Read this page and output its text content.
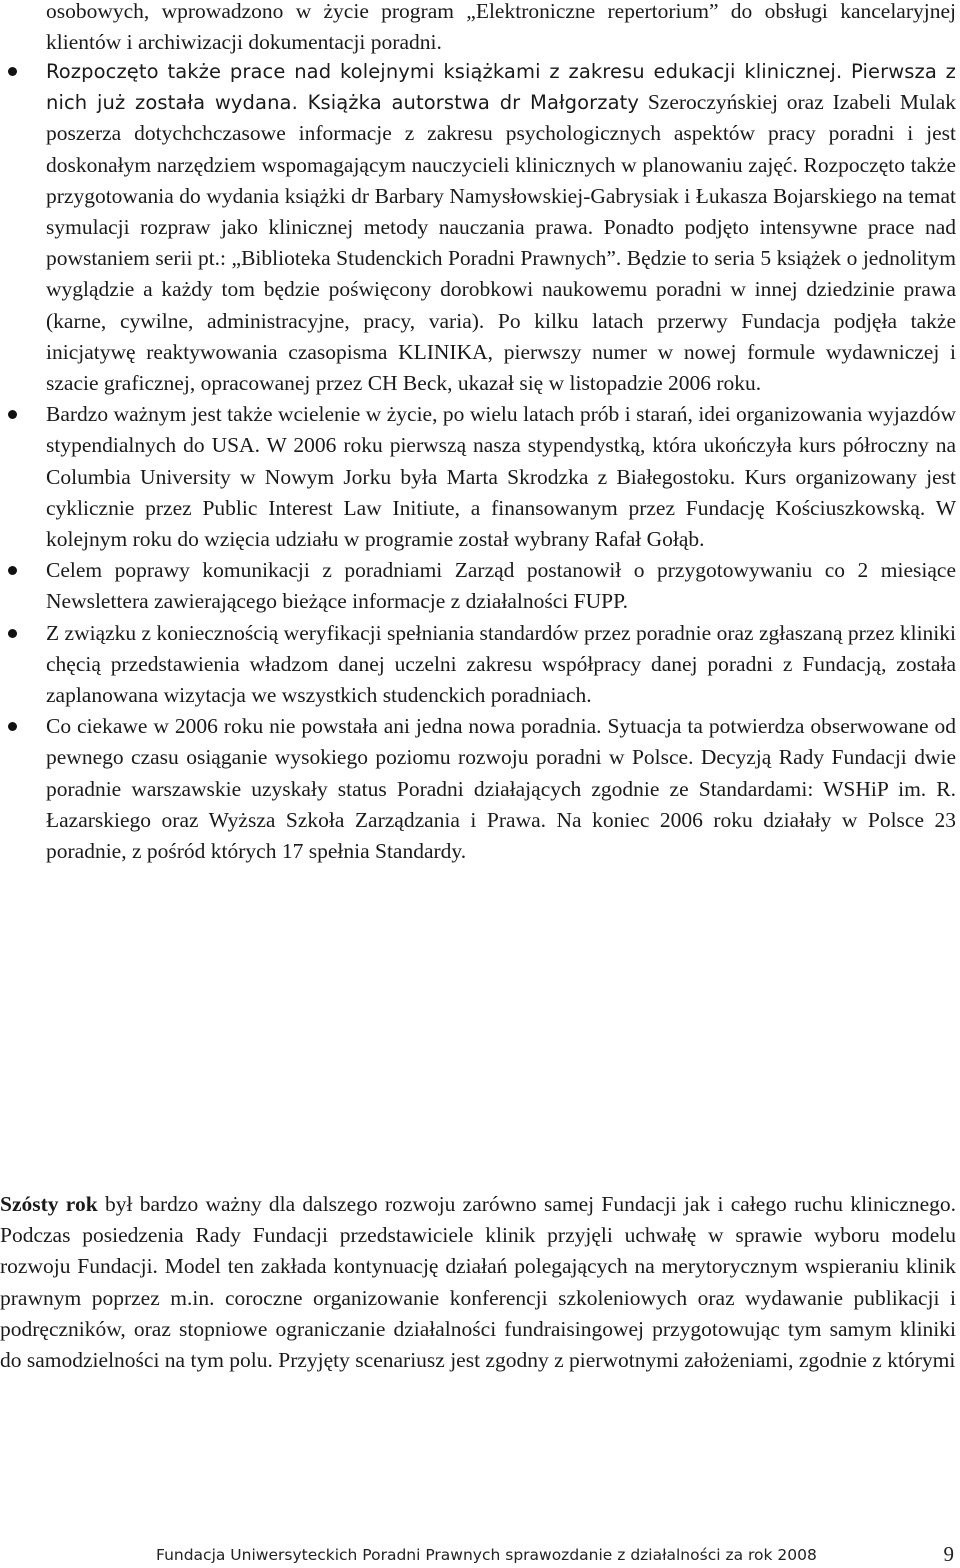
osobowych, wprowadzono w życie program „Elektroniczne repertorium” do obsługi kancelaryjnej klientów i archiwizacji dokumentacji poradni.
Rozpoczęto także prace nad kolejnymi książkami z zakresu edukacji klinicznej. Pierwsza z nich już została wydana. Książka autorstwa dr Małgorzaty Szeroczyńskiej oraz Izabeli Mulak poszerza dotychchczasowe informacje z zakresu psychologicznych aspektów pracy poradni i jest doskonałym narzędziem wspomagającym nauczycieli klinicznych w planowaniu zajęć. Rozpoczęto także przygotowania do wydania książki dr Barbary Namysłowskiej-Gabrysiak i Łukasza Bojarskiego na temat symulacji rozpraw jako klinicznej metody nauczania prawa. Ponadto podjęto intensywne prace nad powstaniem serii pt.: „Biblioteka Studenckich Poradni Prawnych”. Będzie to seria 5 książek o jednolitym wyglądzie a każdy tom będzie poświęcony dorobkowi naukowemu poradni w innej dziedzinie prawa (karne, cywilne, administracyjne, pracy, varia). Po kilku latach przerwy Fundacja podjęła także inicjatywę reaktywowania czasopisma KLINIKA, pierwszy numer w nowej formule wydawniczej i szacie graficznej, opracowanej przez CH Beck, ukazał się w listopadzie 2006 roku.
Bardzo ważnym jest także wcielenie w życie, po wielu latach prób i starań, idei organizowania wyjazdów stypendialnych do USA. W 2006 roku pierwszą nasza stypendystką, która ukończyła kurs półroczny na Columbia University w Nowym Jorku była Marta Skrodzka z Białegostoku. Kurs organizowany jest cyklicznie przez Public Interest Law Initiute, a finansowanym przez Fundację Kościuszkowską. W kolejnym roku do wzięcia udziału w programie został wybrany Rafał Gołąb.
Celem poprawy komunikacji z poradniami Zarząd postanowił o przygotowywaniu co 2 miesiące Newslettera zawierającego bieżące informacje z działalności FUPP.
Z związku z koniecznością weryfikacji spełniania standardów przez poradnie oraz zgłaszaną przez kliniki chęcią przedstawienia władzom danej uczelni zakresu współpracy danej poradni z Fundacją, została zaplanowana wizytacja we wszystkich studenckich poradniach.
Co ciekawe w 2006 roku nie powstała ani jedna nowa poradnia. Sytuacja ta potwierdza obserwowane od pewnego czasu osiąganie wysokiego poziomu rozwoju poradni w Polsce. Decyzją Rady Fundacji dwie poradnie warszawskie uzyskały status Poradni działających zgodnie ze Standardami: WSHiP im. R. Łazarskiego oraz Wyższa Szkoła Zarządzania i Prawa. Na koniec 2006 roku działały w Polsce 23 poradnie, z pośród których 17 spełnia Standardy.

Szósty rok był bardzo ważny dla dalszego rozwoju zarówno samej Fundacji jak i całego ruchu klinicznego. Podczas posiedzenia Rady Fundacji przedstawiciele klinik przyjęli uchwałę w sprawie wyboru modelu rozwoju Fundacji. Model ten zakłada kontynuację działań polegających na merytorycznym wspieraniu klinik prawnym poprzez m.in. coroczne organizowanie konferencji szkoleniowych oraz wydawanie publikacji i podręczników, oraz stopniowe ograniczanie działalności fundraisingowej przygotowując tym samym kliniki do samodzielności na tym polu. Przyjęty scenariusz jest zgodny z pierwotnymi założeniami, zgodnie z którymi

Fundacja Uniwersyteckich Poradni Prawnych sprawozdanie z działalności za rok 2008	9
